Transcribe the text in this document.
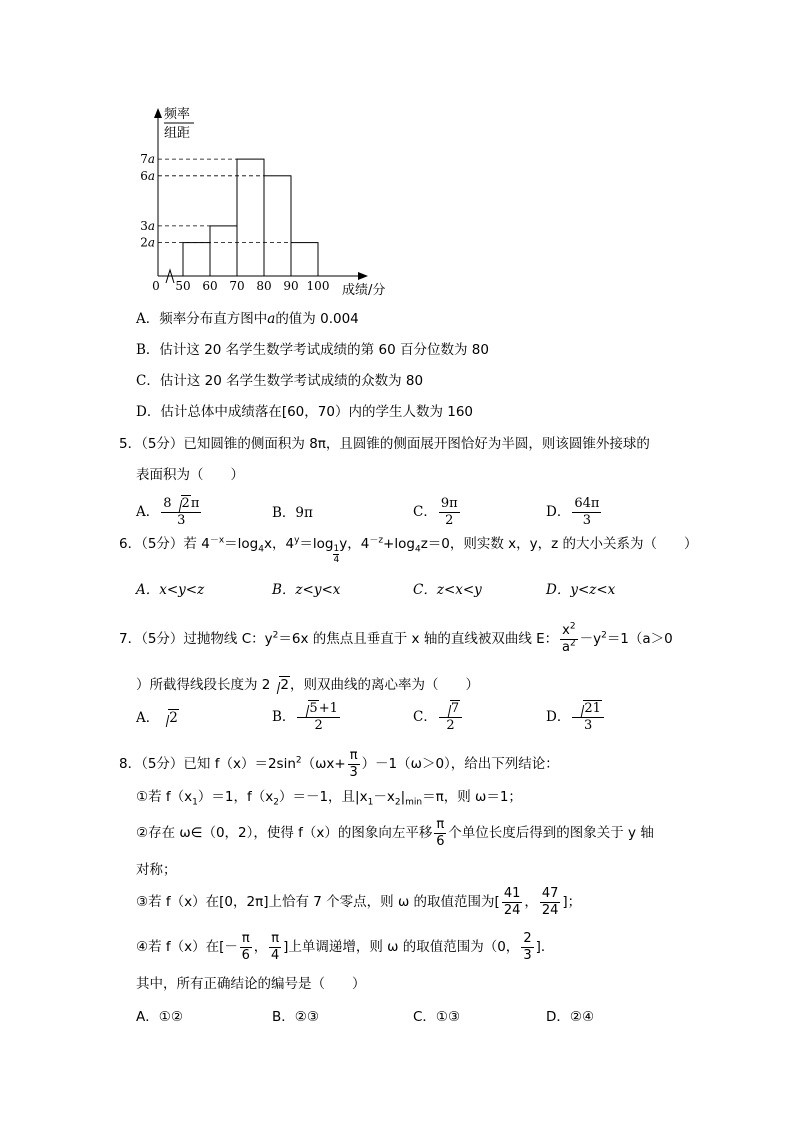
7a
6a
3a
2a
50 60 70 80 90 100
0	成绩/分
频率
组距
A．频率分布直方图中a的值为 0.004
B．估计这 20 名学生数学考试成绩的第 60 百分位数为 80
C．估计这 20 名学生数学考试成绩的众数为 80
D．估计总体中成绩落在[60，70）内的学生人数为 160
5．（5分）已知圆锥的侧面积为 8π，且圆锥的侧面展开图恰好为半圆，则该圆锥外接球的
表面积为（　　）
A． $\frac{8 2\pi}{3}$	B．9π	C． $\frac{9\pi}{2}$	D． $\frac{64\pi}{3}$
6．（5分）若 $4^{-x}=\log_4x$，$4^y=\log \frac{1}{4}$ y，$4^{-z}+\log_4z=0$，则实数 x，y，z 的大小关系为（　　）
A．x<y<z	B．z<y<x	C．z<x<y	D．y<z<x
7．（5分）过抛物线 C：$y^2=6x$ 的焦点且垂直于 x 轴的直线被双曲线 E： $\frac{x^2}{a^2} -y^2=1(a>0$
）所截得线段长度为 2 2，则双曲线的离心率为（　　）
A． 2	B． $\frac{5+1}{2}$	C． $\frac{7}{2}$	D． $\frac{21}{3}$
8．（5分）已知 $f(x)=2\sin^2(\omega x+ \frac{\pi}{3} )-1(\omega>0)$，给出下列结论：
①若 $f(x_1)=1$，$f(x_2)=-1$，且$|x_1-x_2|_{min}=\pi$，则 ω＝1；
②存在 ω∈（0，2），使得 f（x）的图象向左平移 $\frac{\pi}{6}$ 个单位长度后得到的图象关于 y 轴
对称；
③若 f（x）在[0，2π]上恰有 7 个零点，则 ω 的取值范围为[ $\frac{41}{24}$ ， $\frac{47}{24}$ ]；
④若 f（x）在[－ $\frac{\pi}{6}$ ， $\frac{\pi}{4}$ ]上单调递增，则 ω 的取值范围为（0， $\frac{2}{3}$ ]．
其中，所有正确结论的编号是（　　）
A．①②	B．②③	C．①③	D．②④
